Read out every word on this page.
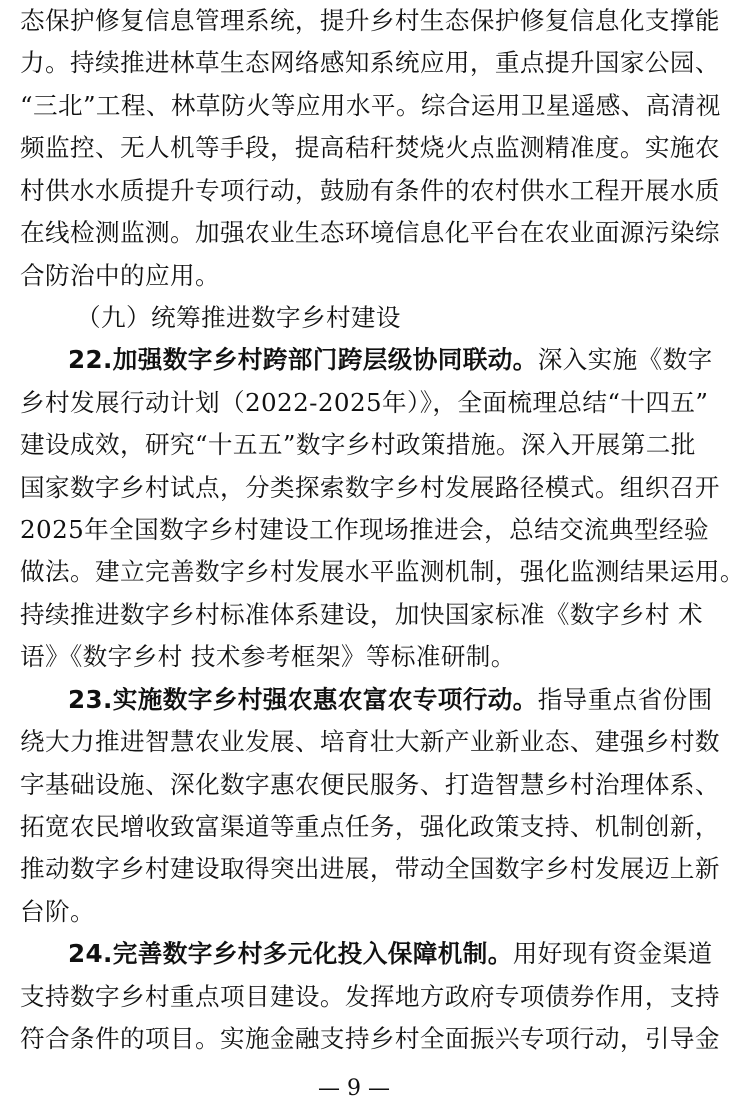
态保护修复信息管理系统，提升乡村生态保护修复信息化支撑能
力。持续推进林草生态网络感知系统应用，重点提升国家公园、
“三北”工程、林草防火等应用水平。综合运用卫星遥感、高清视
频监控、无人机等手段，提高秸秆焚烧火点监测精准度。实施农
村供水水质提升专项行动，鼓励有条件的农村供水工程开展水质
在线检测监测。加强农业生态环境信息化平台在农业面源污染综
合防治中的应用。
（九）统筹推进数字乡村建设
22.加强数字乡村跨部门跨层级协同联动。深入实施《数字
乡村发展行动计划（2022-2025年）》，全面梳理总结“十四五”
建设成效，研究“十五五”数字乡村政策措施。深入开展第二批
国家数字乡村试点，分类探索数字乡村发展路径模式。组织召开
2025年全国数字乡村建设工作现场推进会，总结交流典型经验
做法。建立完善数字乡村发展水平监测机制，强化监测结果运用。
持续推进数字乡村标准体系建设，加快国家标准《数字乡村 术
语》《数字乡村 技术参考框架》等标准研制。
23.实施数字乡村强农惠农富农专项行动。指导重点省份围
绕大力推进智慧农业发展、培育壮大新产业新业态、建强乡村数
字基础设施、深化数字惠农便民服务、打造智慧乡村治理体系、
拓宽农民增收致富渠道等重点任务，强化政策支持、机制创新，
推动数字乡村建设取得突出进展，带动全国数字乡村发展迈上新
台阶。
24.完善数字乡村多元化投入保障机制。用好现有资金渠道
支持数字乡村重点项目建设。发挥地方政府专项债券作用，支持
符合条件的项目。实施金融支持乡村全面振兴专项行动，引导金
— 9 —
